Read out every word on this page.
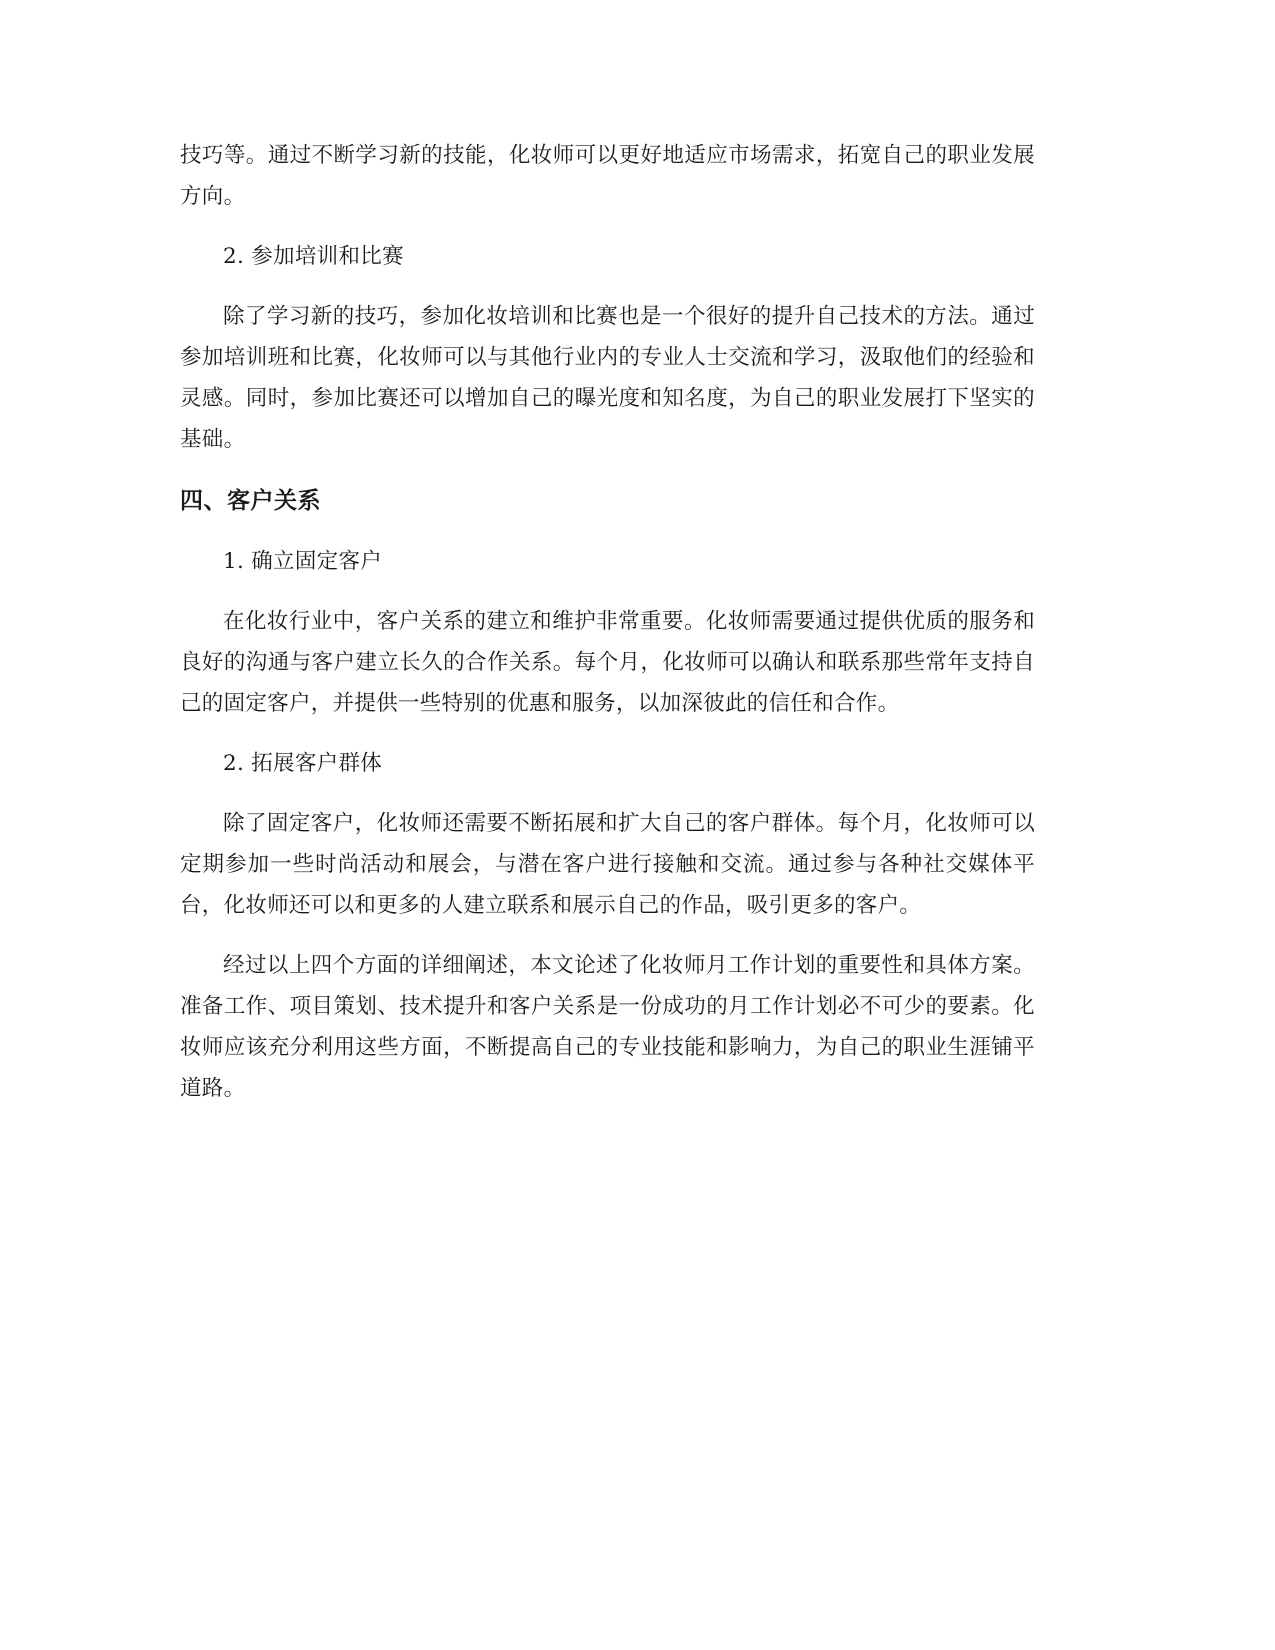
技巧等。通过不断学习新的技能，化妆师可以更好地适应市场需求，拓宽自己的职业发展方向。

2. 参加培训和比赛

除了学习新的技巧，参加化妆培训和比赛也是一个很好的提升自己技术的方法。通过参加培训班和比赛，化妆师可以与其他行业内的专业人士交流和学习，汲取他们的经验和灵感。同时，参加比赛还可以增加自己的曝光度和知名度，为自己的职业发展打下坚实的基础。

四、客户关系

1. 确立固定客户

在化妆行业中，客户关系的建立和维护非常重要。化妆师需要通过提供优质的服务和良好的沟通与客户建立长久的合作关系。每个月，化妆师可以确认和联系那些常年支持自己的固定客户，并提供一些特别的优惠和服务，以加深彼此的信任和合作。

2. 拓展客户群体

除了固定客户，化妆师还需要不断拓展和扩大自己的客户群体。每个月，化妆师可以定期参加一些时尚活动和展会，与潜在客户进行接触和交流。通过参与各种社交媒体平台，化妆师还可以和更多的人建立联系和展示自己的作品，吸引更多的客户。

经过以上四个方面的详细阐述，本文论述了化妆师月工作计划的重要性和具体方案。准备工作、项目策划、技术提升和客户关系是一份成功的月工作计划必不可少的要素。化妆师应该充分利用这些方面，不断提高自己的专业技能和影响力，为自己的职业生涯铺平道路。
